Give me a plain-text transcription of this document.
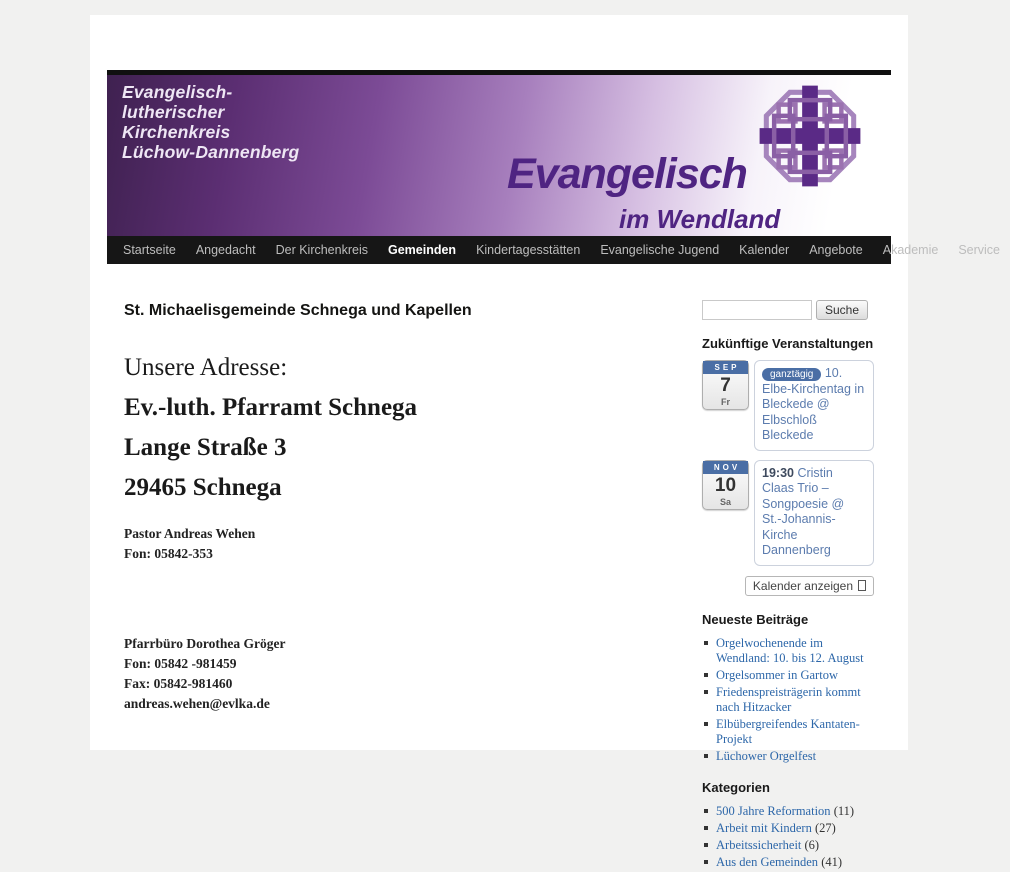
Evangelisch-
lutherischer
Kirchenkreis
Lüchow-Dannenberg	Evangelisch
im Wendland
Startseite	Angedacht	Der Kirchenkreis	Gemeinden	Kindertagesstätten	Evangelische Jugend	Kalender	Angebote	Akademie	Service
St. Michaelisgemeinde Schnega und Kapellen
Unsere Adresse:
Ev.-luth. Pfarramt Schnega
Lange Straße 3
29465 Schnega
Pastor Andreas Wehen
Fon: 05842-353
Pfarrbüro Dorothea Gröger
Fon: 05842 -981459
Fax: 05842-981460
andreas.wehen@evlka.de
Suche
Zukünftige Veranstaltungen
SEP
7
Fr
ganztägig 10. Elbe-Kirchentag in Bleckede @ Elbschloß Bleckede
NOV
10
Sa
19:30 Cristin Claas Trio – Songpoesie @ St.-Johannis-Kirche Dannenberg
Kalender anzeigen
Neueste Beiträge
Orgelwochenende im Wendland: 10. bis 12. August
Orgelsommer in Gartow
Friedenspreisträgerin kommt nach Hitzacker
Elbübergreifendes Kantaten-Projekt
Lüchower Orgelfest
Kategorien
500 Jahre Reformation (11)
Arbeit mit Kindern (27)
Arbeitssicherheit (6)
Aus den Gemeinden (41)
